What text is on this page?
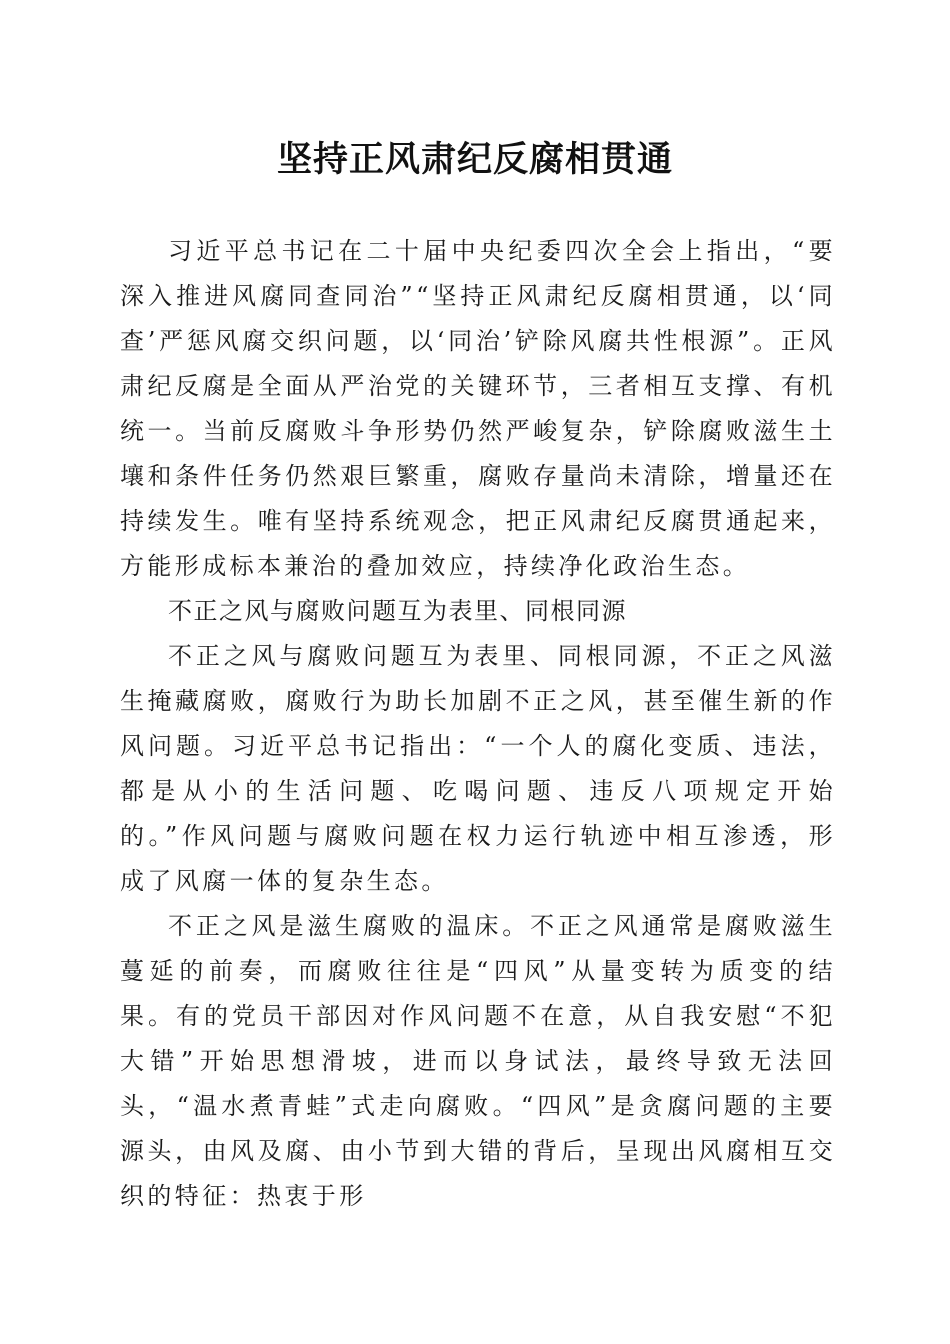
坚持正风肃纪反腐相贯通

习近平总书记在二十届中央纪委四次全会上指出，“要深入推进风腐同查同治”“坚持正风肃纪反腐相贯通，以‘同查’严惩风腐交织问题，以‘同治’铲除风腐共性根源”。正风肃纪反腐是全面从严治党的关键环节，三者相互支撑、有机统一。当前反腐败斗争形势仍然严峻复杂，铲除腐败滋生土壤和条件任务仍然艰巨繁重，腐败存量尚未清除，增量还在持续发生。唯有坚持系统观念，把正风肃纪反腐贯通起来，方能形成标本兼治的叠加效应，持续净化政治生态。

不正之风与腐败问题互为表里、同根同源

不正之风与腐败问题互为表里、同根同源，不正之风滋生掩藏腐败，腐败行为助长加剧不正之风，甚至催生新的作风问题。习近平总书记指出：“一个人的腐化变质、违法，都是从小的生活问题、吃喝问题、违反八项规定开始的。”作风问题与腐败问题在权力运行轨迹中相互渗透，形成了风腐一体的复杂生态。

不正之风是滋生腐败的温床。不正之风通常是腐败滋生蔓延的前奏，而腐败往往是“四风”从量变转为质变的结果。有的党员干部因对作风问题不在意，从自我安慰“不犯大错”开始思想滑坡，进而以身试法，最终导致无法回头，“温水煮青蛙”式走向腐败。“四风”是贪腐问题的主要源头，由风及腐、由小节到大错的背后，呈现出风腐相互交织的特征：热衷于形
